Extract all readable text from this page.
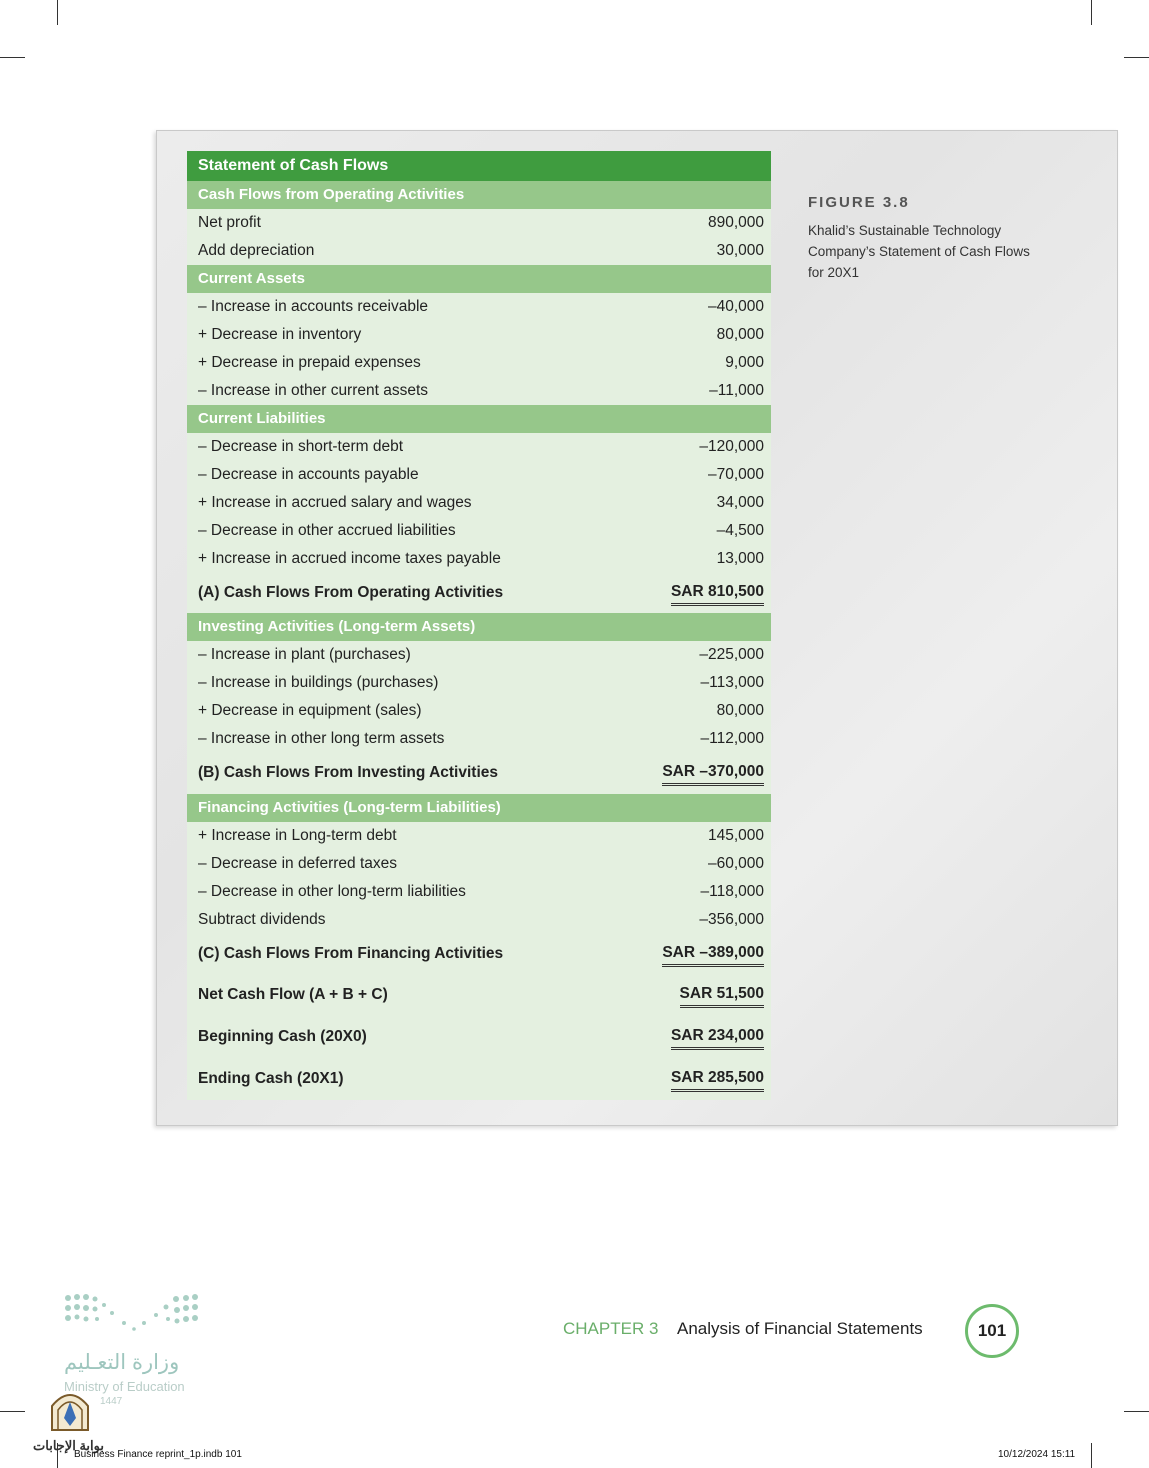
Statement of Cash Flows
Cash Flows from Operating Activities
Net profit	890,000
Add depreciation	30,000
Current Assets
– Increase in accounts receivable	–40,000
+ Decrease in inventory	80,000
+ Decrease in prepaid expenses	9,000
– Increase in other current assets	–11,000
Current Liabilities
– Decrease in short-term debt	–120,000
– Decrease in accounts payable	–70,000
+ Increase in accrued salary and wages	34,000
– Decrease in other accrued liabilities	–4,500
+ Increase in accrued income taxes payable	13,000
(A) Cash Flows From Operating Activities	SAR 810,500
Investing Activities (Long-term Assets)
– Increase in plant (purchases)	–225,000
– Increase in buildings (purchases)	–113,000
+ Decrease in equipment (sales)	80,000
– Increase in other long term assets	–112,000
(B) Cash Flows From Investing Activities	SAR –370,000
Financing Activities (Long-term Liabilities)
+ Increase in Long-term debt	145,000
– Decrease in deferred taxes	–60,000
– Decrease in other long-term liabilities	–118,000
Subtract dividends	–356,000
(C) Cash Flows From Financing Activities	SAR –389,000
Net Cash Flow (A + B + C)	SAR 51,500
Beginning Cash (20X0)	SAR 234,000
Ending Cash (20X1)	SAR 285,500
FIGURE 3.8
Khalid’s Sustainable Technology Company’s Statement of Cash Flows for 20X1
CHAPTER 3 Analysis of Financial Statements	101
وزارة التعـليم
Ministry of Education
1447
بوابة الإجابات
Business Finance reprint_1p.indb 101	10/12/2024 15:11
